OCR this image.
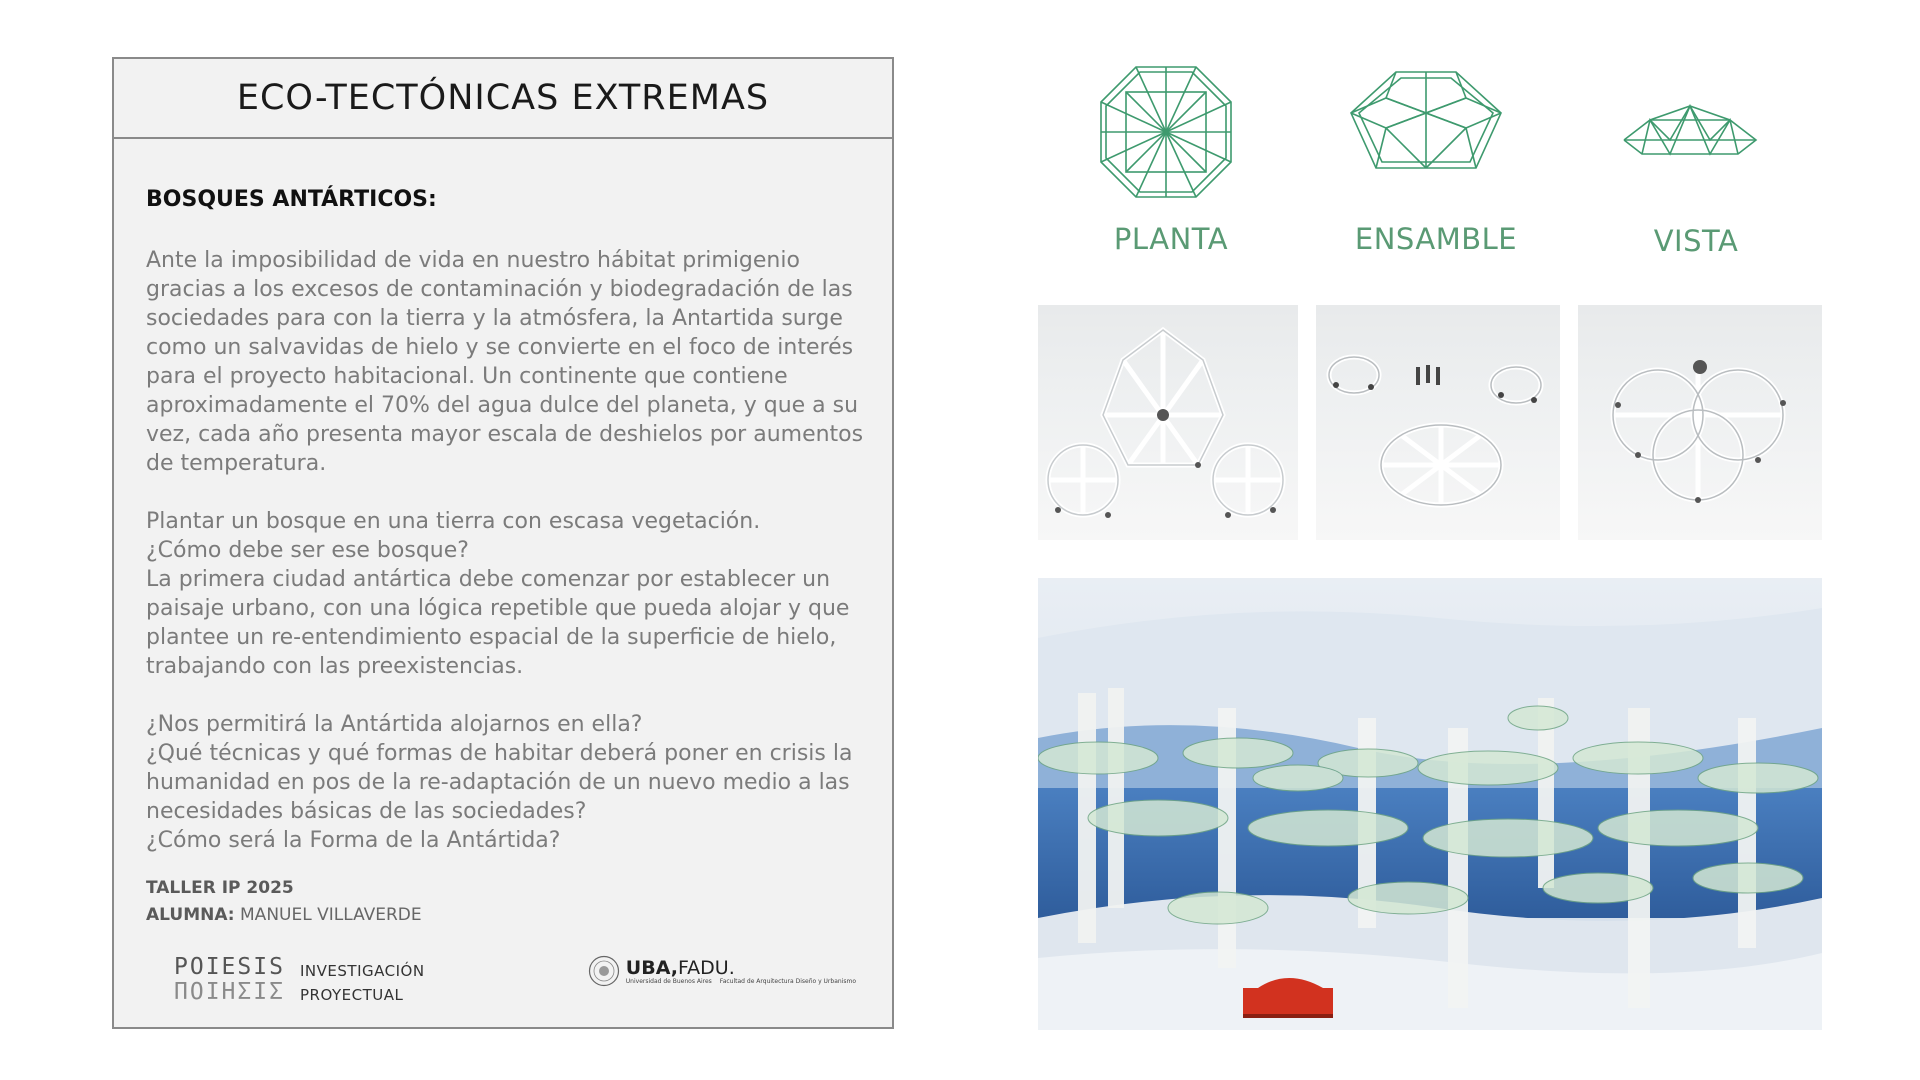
ECO-TECTÓNICAS EXTREMAS
BOSQUES ANTÁRTICOS:

Ante la imposibilidad de vida en nuestro hábitat primigenio gracias a los excesos de contaminación y biodegradación de las sociedades para con la tierra y la atmósfera, la Antartida surge como un salvavidas de hielo y se convierte en el foco de interés para el proyecto habitacional. Un continente que contiene aproximadamente el 70% del agua dulce del planeta, y que a su vez, cada año presenta mayor escala de deshielos por aumentos de temperatura.

Plantar un bosque en una tierra con escasa vegetación.

¿Cómo debe ser ese bosque?

La primera ciudad antártica debe comenzar por establecer un paisaje urbano, con una lógica repetible que pueda alojar y que plantee un re-entendimiento espacial de la superficie de hielo, trabajando con las preexistencias.

¿Nos permitirá la Antártida alojarnos en ella?

¿Qué técnicas y qué formas de habitar deberá poner en crisis la humanidad en pos de la re-adaptación de un nuevo medio a las necesidades básicas de las sociedades?

¿Cómo será la Forma de la Antártida?

TALLER IP 2025
ALUMNA: MANUEL VILLAVERDE
POIESIS
ΠΟΙΗΣΙΣ
INVESTIGACIÓN
PROYECTUAL
UBA,FADU.
Universidad de Buenos Aires Facultad de Arquitectura Diseño y Urbanismo
PLANTA	ENSAMBLE	VISTA
